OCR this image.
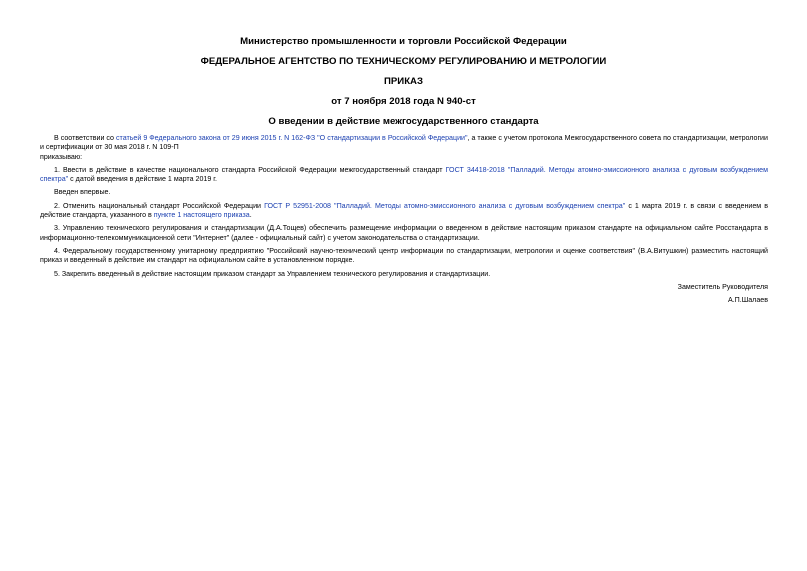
Министерство промышленности и торговли Российской Федерации
ФЕДЕРАЛЬНОЕ АГЕНТСТВО ПО ТЕХНИЧЕСКОМУ РЕГУЛИРОВАНИЮ И МЕТРОЛОГИИ
ПРИКАЗ
от 7 ноября 2018 года N 940-ст
О введении в действие межгосударственного стандарта

В соответствии со статьей 9 Федерального закона от 29 июня 2015 г. N 162-ФЗ "О стандартизации в Российской Федерации", а также с учетом протокола Межгосударственного совета по стандартизации, метрологии и сертификации от 30 мая 2018 г. N 109-П

приказываю:

1. Ввести в действие в качестве национального стандарта Российской Федерации межгосударственный стандарт ГОСТ 34418-2018 "Палладий. Методы атомно-эмиссионного анализа с дуговым возбуждением спектра" с датой введения в действие 1 марта 2019 г.

Введен впервые.

2. Отменить национальный стандарт Российской Федерации ГОСТ Р 52951-2008 "Палладий. Методы атомно-эмиссионного анализа с дуговым возбуждением спектра" с 1 марта 2019 г. в связи с введением в действие стандарта, указанного в пункте 1 настоящего приказа.

3. Управлению технического регулирования и стандартизации (Д.А.Тощев) обеспечить размещение информации о введенном в действие настоящим приказом стандарте на официальном сайте Росстандарта в информационно-телекоммуникационной сети "Интернет" (далее - официальный сайт) с учетом законодательства о стандартизации.

4. Федеральному государственному унитарному предприятию "Российский научно-технический центр информации по стандартизации, метрологии и оценке соответствия" (В.А.Витушкин) разместить настоящий приказ и введенный в действие им стандарт на официальном сайте в установленном порядке.

5. Закрепить введенный в действие настоящим приказом стандарт за Управлением технического регулирования и стандартизации.

Заместитель Руководителя
А.П.Шалаев
